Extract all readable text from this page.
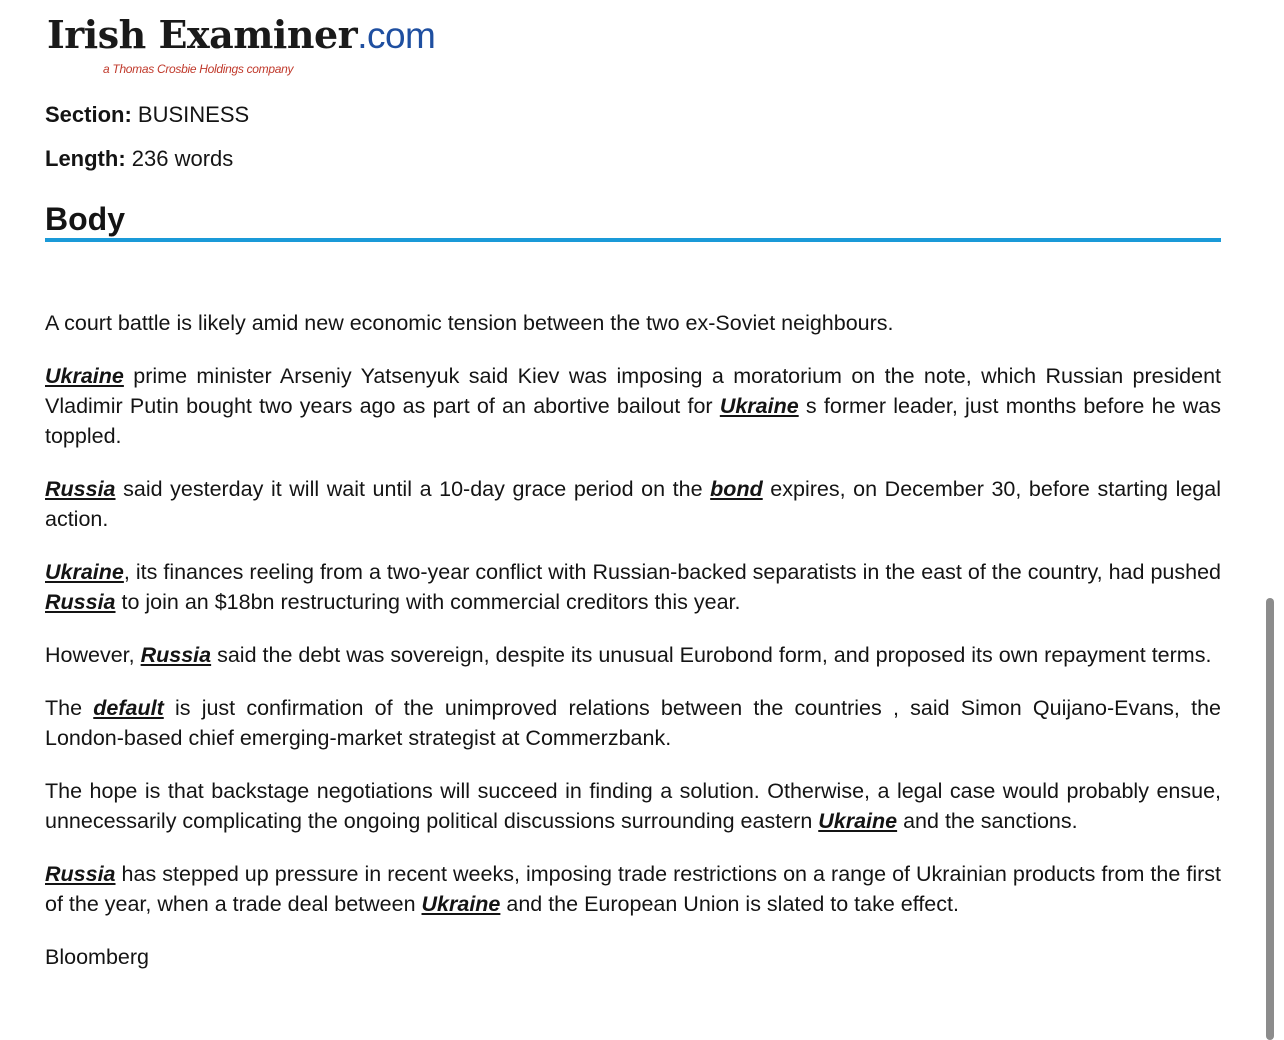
Irish Examiner.com
a Thomas Crosbie Holdings company
Section: BUSINESS
Length: 236 words
Body

A court battle is likely amid new economic tension between the two ex-Soviet neighbours.

Ukraine prime minister Arseniy Yatsenyuk said Kiev was imposing a moratorium on the note, which Russian president Vladimir Putin bought two years ago as part of an abortive bailout for Ukraine s former leader, just months before he was toppled.

Russia said yesterday it will wait until a 10-day grace period on the bond expires, on December 30, before starting legal action.

Ukraine, its finances reeling from a two-year conflict with Russian-backed separatists in the east of the country, had pushed Russia to join an $18bn restructuring with commercial creditors this year.

However, Russia said the debt was sovereign, despite its unusual Eurobond form, and proposed its own repayment terms.

The default is just confirmation of the unimproved relations between the countries , said Simon Quijano-Evans, the London-based chief emerging-market strategist at Commerzbank.

The hope is that backstage negotiations will succeed in finding a solution. Otherwise, a legal case would probably ensue, unnecessarily complicating the ongoing political discussions surrounding eastern Ukraine and the sanctions.

Russia has stepped up pressure in recent weeks, imposing trade restrictions on a range of Ukrainian products from the first of the year, when a trade deal between Ukraine and the European Union is slated to take effect.

Bloomberg
